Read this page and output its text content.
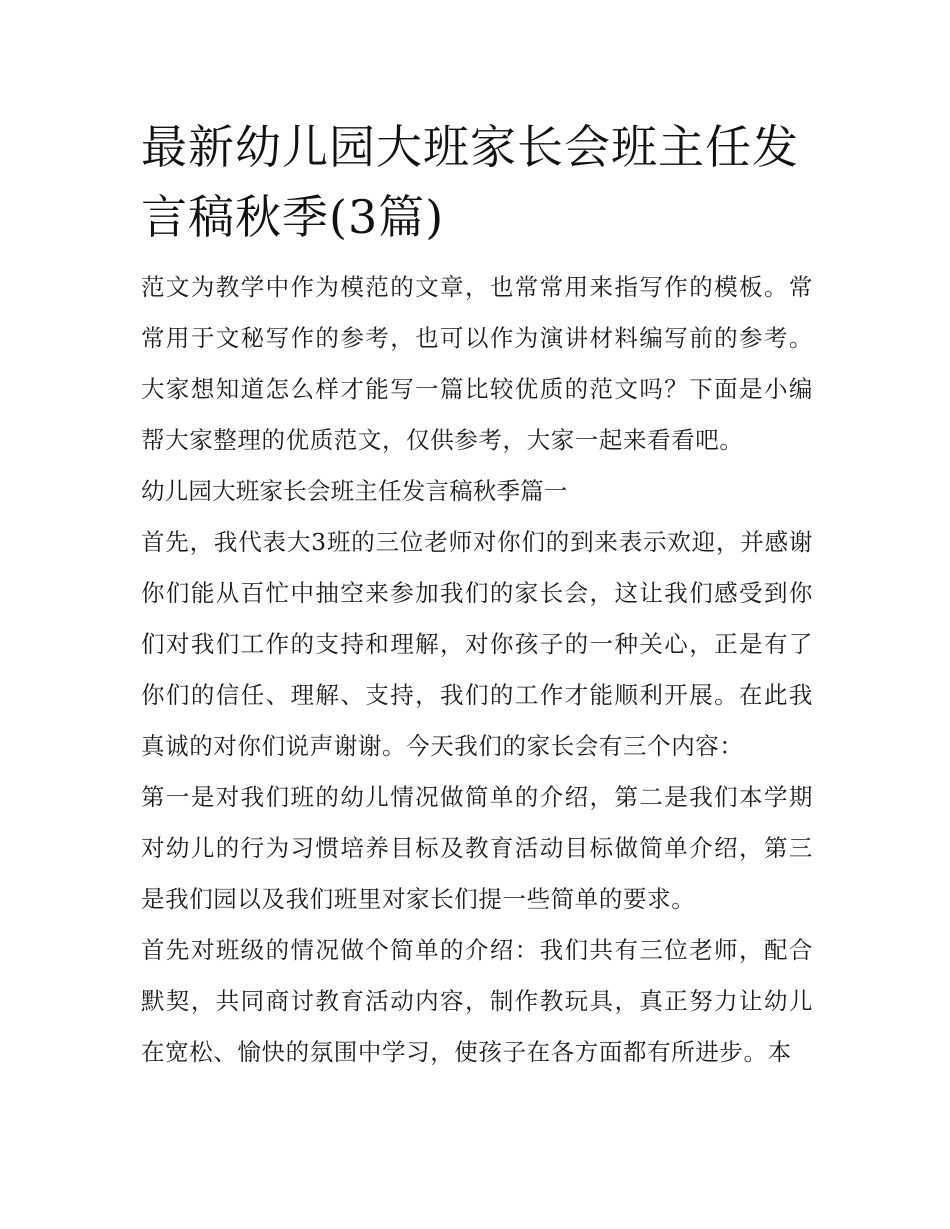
最新幼儿园大班家长会班主任发言稿秋季(3篇)

范文为教学中作为模范的文章，也常常用来指写作的模板。常常用于文秘写作的参考，也可以作为演讲材料编写前的参考。大家想知道怎么样才能写一篇比较优质的范文吗？下面是小编帮大家整理的优质范文，仅供参考，大家一起来看看吧。

幼儿园大班家长会班主任发言稿秋季篇一

首先，我代表大3班的三位老师对你们的到来表示欢迎，并感谢你们能从百忙中抽空来参加我们的家长会，这让我们感受到你们对我们工作的支持和理解，对你孩子的一种关心，正是有了你们的信任、理解、支持，我们的工作才能顺利开展。在此我真诚的对你们说声谢谢。今天我们的家长会有三个内容：

第一是对我们班的幼儿情况做简单的介绍，第二是我们本学期对幼儿的行为习惯培养目标及教育活动目标做简单介绍，第三是我们园以及我们班里对家长们提一些简单的要求。

首先对班级的情况做个简单的介绍：我们共有三位老师，配合默契，共同商讨教育活动内容，制作教玩具，真正努力让幼儿在宽松、愉快的氛围中学习，使孩子在各方面都有所进步。本
